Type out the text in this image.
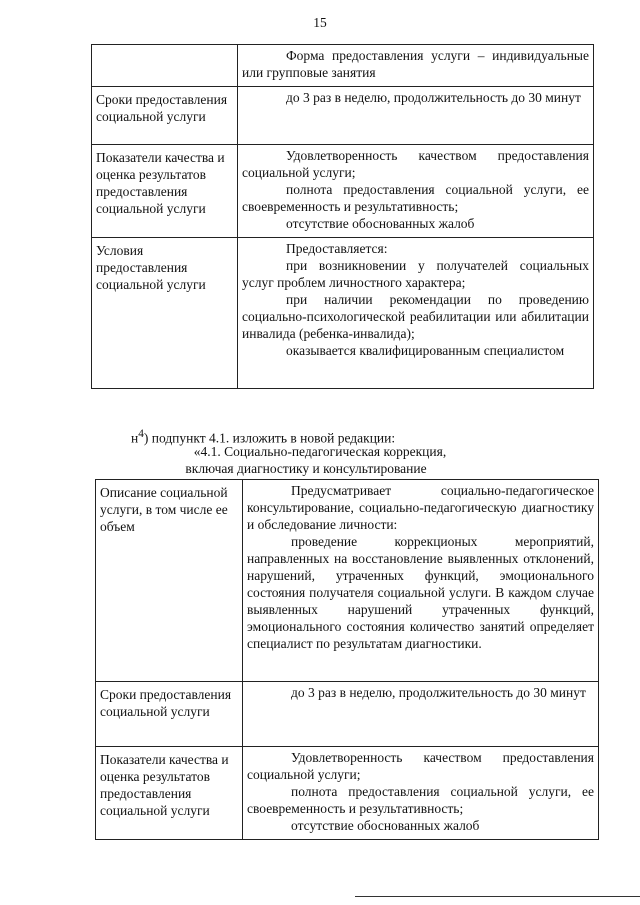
15

	Форма предоставления услуги – индивидуальные или групповые занятия

Сроки предоставления социальной услуги	до 3 раз в неделю, продолжительность до 30 минут

Показатели качества и оценка результатов предоставления социальной услуги	Удовлетворенность качеством предоставления социальной услуги;

полнота предоставления социальной услуги, ее своевременность и результативность;

отсутствие обоснованных жалоб

Условия предоставления социальной услуги	Предоставляется:

при возникновении у получателей социальных услуг проблем личностного характера;

при наличии рекомендации по проведению социально-психологической реабилитации или абилитации инвалида (ребенка-инвалида);

оказывается квалифицированным специалистом

$н^4$) подпункт 4.1. изложить в новой редакции:
«4.1. Социально-педагогическая коррекция,
включая диагностику и консультирование
Описание социальной услуги, в том числе ее объем	Предусматривает социально-педагогическое консультирование, социально-педагогическую диагностику и обследование личности:

проведение коррекционых мероприятий, направленных на восстановление выявленных отклонений, нарушений, утраченных функций, эмоционального состояния получателя социальной услуги. В каждом случае выявленных нарушений утраченных функций, эмоционального состояния количество занятий определяет специалист по результатам диагностики.

Сроки предоставления социальной услуги	до 3 раз в неделю, продолжительность до 30 минут

Показатели качества и оценка результатов предоставления социальной услуги	Удовлетворенность качеством предоставления социальной услуги;

полнота предоставления социальной услуги, ее своевременность и результативность;

отсутствие обоснованных жалоб
